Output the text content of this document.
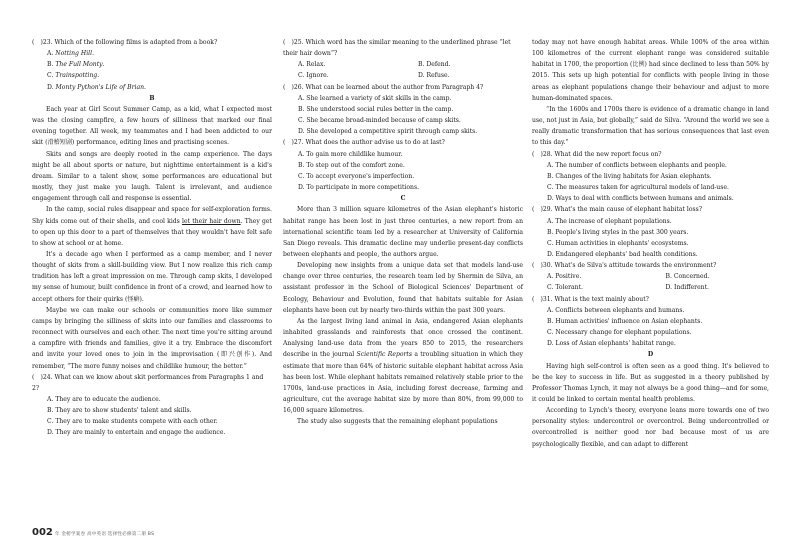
(　)23. Which of the following films is adapted from a book?

A. Notting Hill.

B. The Full Monty.

C. Trainspotting.

D. Monty Python's Life of Brian.

B

Each year at Girl Scout Summer Camp, as a kid, what I expected most was the closing campfire, a few hours of silliness that marked our final evening together. All week, my teammates and I had been addicted to our skit (滑稽短剧) performance, editing lines and practising scenes.

Skits and songs are deeply rooted in the camp experience. The days might be all about sports or nature, but nighttime entertainment is a kid's dream. Similar to a talent show, some performances are educational but mostly, they just make you laugh. Talent is irrelevant, and audience engagement through call and response is essential.

In the camp, social rules disappear and space for self-exploration forms. Shy kids come out of their shells, and cool kids let their hair down. They get to open up this door to a part of themselves that they wouldn't have felt safe to show at school or at home.

It's a decade ago when I performed as a camp member, and I never thought of skits from a skill-building view. But I now realize this rich camp tradition has left a great impression on me. Through camp skits, I developed my sense of humour, built confidence in front of a crowd, and learned how to accept others for their quirks (怪癖).

Maybe we can make our schools or communities more like summer camps by bringing the silliness of skits into our families and classrooms to reconnect with ourselves and each other. The next time you're sitting around a campfire with friends and families, give it a try. Embrace the discomfort and invite your loved ones to join in the improvisation (即兴创作). And remember, “The more funny noises and childlike humour, the better.”

(　)24. What can we know about skit performances from Paragraphs 1 and 2?

A. They are to educate the audience.

B. They are to show students' talent and skills.

C. They are to make students compete with each other.

D. They are mainly to entertain and engage the audience.

(　)25. Which word has the similar meaning to the underlined phrase “let their hair down”?

A. Relax.	B. Defend.

C. Ignore.	D. Refuse.

(　)26. What can be learned about the author from Paragraph 4?

A. She learned a variety of skit skills in the camp.

B. She understood social rules better in the camp.

C. She became broad-minded because of camp skits.

D. She developed a competitive spirit through camp skits.

(　)27. What does the author advise us to do at last?

A. To gain more childlike humour.

B. To step out of the comfort zone.

C. To accept everyone's imperfection.

D. To participate in more competitions.

C

More than 3 million square kilometres of the Asian elephant's historic habitat range has been lost in just three centuries, a new report from an international scientific team led by a researcher at University of California San Diego reveals. This dramatic decline may underlie present-day conflicts between elephants and people, the authors argue.

Developing new insights from a unique data set that models land-use change over three centuries, the research team led by Shermin de Silva, an assistant professor in the School of Biological Sciences' Department of Ecology, Behaviour and Evolution, found that habitats suitable for Asian elephants have been cut by nearly two-thirds within the past 300 years.

As the largest living land animal in Asia, endangered Asian elephants inhabited grasslands and rainforests that once crossed the continent. Analysing land-use data from the years 850 to 2015, the researchers describe in the journal Scientific Reports a troubling situation in which they estimate that more than 64% of historic suitable elephant habitat across Asia has been lost. While elephant habitats remained relatively stable prior to the 1700s, land-use practices in Asia, including forest decrease, farming and agriculture, cut the average habitat size by more than 80%, from 99,000 to 16,000 square kilometres.

The study also suggests that the remaining elephant populations

today may not have enough habitat areas. While 100% of the area within 100 kilometres of the current elephant range was considered suitable habitat in 1700, the proportion (比例) had since declined to less than 50% by 2015. This sets up high potential for conflicts with people living in those areas as elephant populations change their behaviour and adjust to more human-dominated spaces.

“In the 1600s and 1700s there is evidence of a dramatic change in land use, not just in Asia, but globally,” said de Silva. “Around the world we see a really dramatic transformation that has serious consequences that last even to this day.”

(　)28. What did the new report focus on?

A. The number of conflicts between elephants and people.

B. Changes of the living habitats for Asian elephants.

C. The measures taken for agricultural models of land-use.

D. Ways to deal with conflicts between humans and animals.

(　)29. What's the main cause of elephant habitat loss?

A. The increase of elephant populations.

B. People's living styles in the past 300 years.

C. Human activities in elephants' ecosystems.

D. Endangered elephants' bad health conditions.

(　)30. What's de Silva's attitude towards the environment?

A. Positive.	B. Concerned.

C. Tolerant.	D. Indifferent.

(　)31. What is the text mainly about?

A. Conflicts between elephants and humans.

B. Human activities' influence on Asian elephants.

C. Necessary change for elephant populations.

D. Loss of Asian elephants' habitat range.

D

Having high self-control is often seen as a good thing. It's believed to be the key to success in life. But as suggested in a theory published by Professor Thomas Lynch, it may not always be a good thing—and for some, it could be linked to certain mental health problems.

According to Lynch's theory, everyone leans more towards one of two personality styles: undercontrol or overcontrol. Being undercontrolled or overcontrolled is neither good nor bad because most of us are psychologically flexible, and can adapt to different

002 年 金榜学案卷 高中英语 选择性必修第二册 BS
